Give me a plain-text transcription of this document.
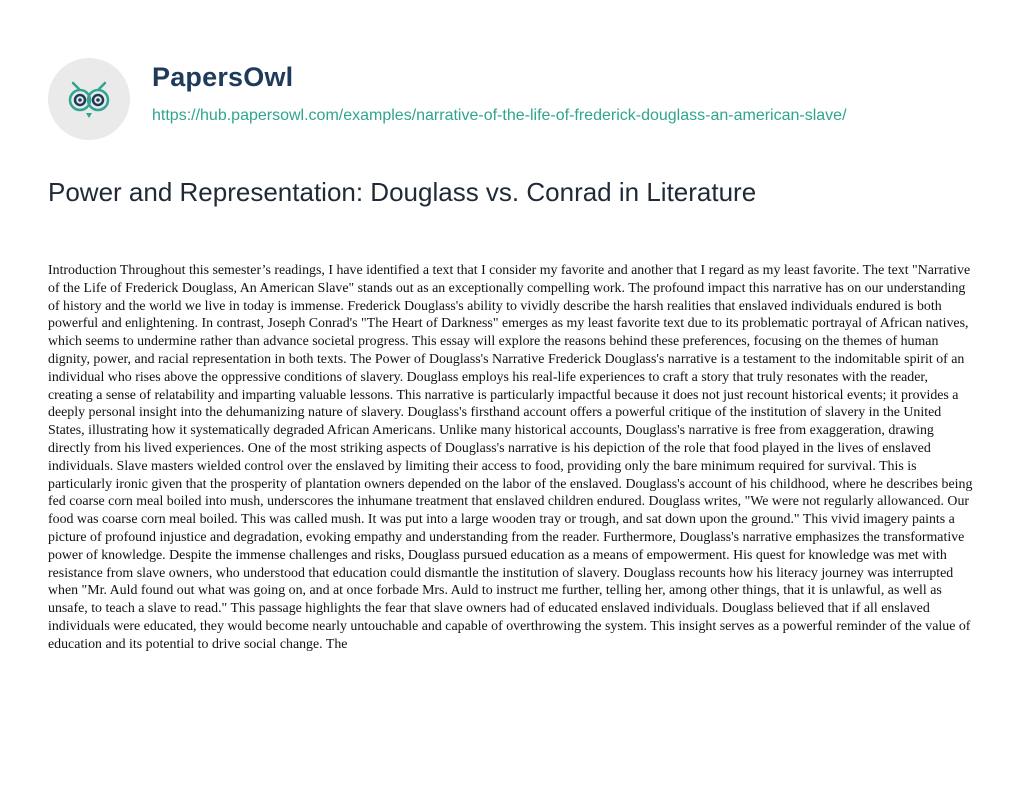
PapersOwl
https://hub.papersowl.com/examples/narrative-of-the-life-of-frederick-douglass-an-american-slave/
Power and Representation: Douglass vs. Conrad in Literature

Introduction Throughout this semester’s readings, I have identified a text that I consider my favorite and another that I regard as my least favorite. The text "Narrative of the Life of Frederick Douglass, An American Slave" stands out as an exceptionally compelling work. The profound impact this narrative has on our understanding of history and the world we live in today is immense. Frederick Douglass's ability to vividly describe the harsh realities that enslaved individuals endured is both powerful and enlightening. In contrast, Joseph Conrad's "The Heart of Darkness" emerges as my least favorite text due to its problematic portrayal of African natives, which seems to undermine rather than advance societal progress. This essay will explore the reasons behind these preferences, focusing on the themes of human dignity, power, and racial representation in both texts. The Power of Douglass's Narrative Frederick Douglass's narrative is a testament to the indomitable spirit of an individual who rises above the oppressive conditions of slavery. Douglass employs his real-life experiences to craft a story that truly resonates with the reader, creating a sense of relatability and imparting valuable lessons. This narrative is particularly impactful because it does not just recount historical events; it provides a deeply personal insight into the dehumanizing nature of slavery. Douglass's firsthand account offers a powerful critique of the institution of slavery in the United States, illustrating how it systematically degraded African Americans. Unlike many historical accounts, Douglass's narrative is free from exaggeration, drawing directly from his lived experiences. One of the most striking aspects of Douglass's narrative is his depiction of the role that food played in the lives of enslaved individuals. Slave masters wielded control over the enslaved by limiting their access to food, providing only the bare minimum required for survival. This is particularly ironic given that the prosperity of plantation owners depended on the labor of the enslaved. Douglass's account of his childhood, where he describes being fed coarse corn meal boiled into mush, underscores the inhumane treatment that enslaved children endured. Douglass writes, "We were not regularly allowanced. Our food was coarse corn meal boiled. This was called mush. It was put into a large wooden tray or trough, and sat down upon the ground." This vivid imagery paints a picture of profound injustice and degradation, evoking empathy and understanding from the reader. Furthermore, Douglass's narrative emphasizes the transformative power of knowledge. Despite the immense challenges and risks, Douglass pursued education as a means of empowerment. His quest for knowledge was met with resistance from slave owners, who understood that education could dismantle the institution of slavery. Douglass recounts how his literacy journey was interrupted when "Mr. Auld found out what was going on, and at once forbade Mrs. Auld to instruct me further, telling her, among other things, that it is unlawful, as well as unsafe, to teach a slave to read." This passage highlights the fear that slave owners had of educated enslaved individuals. Douglass believed that if all enslaved individuals were educated, they would become nearly untouchable and capable of overthrowing the system. This insight serves as a powerful reminder of the value of education and its potential to drive social change. The
